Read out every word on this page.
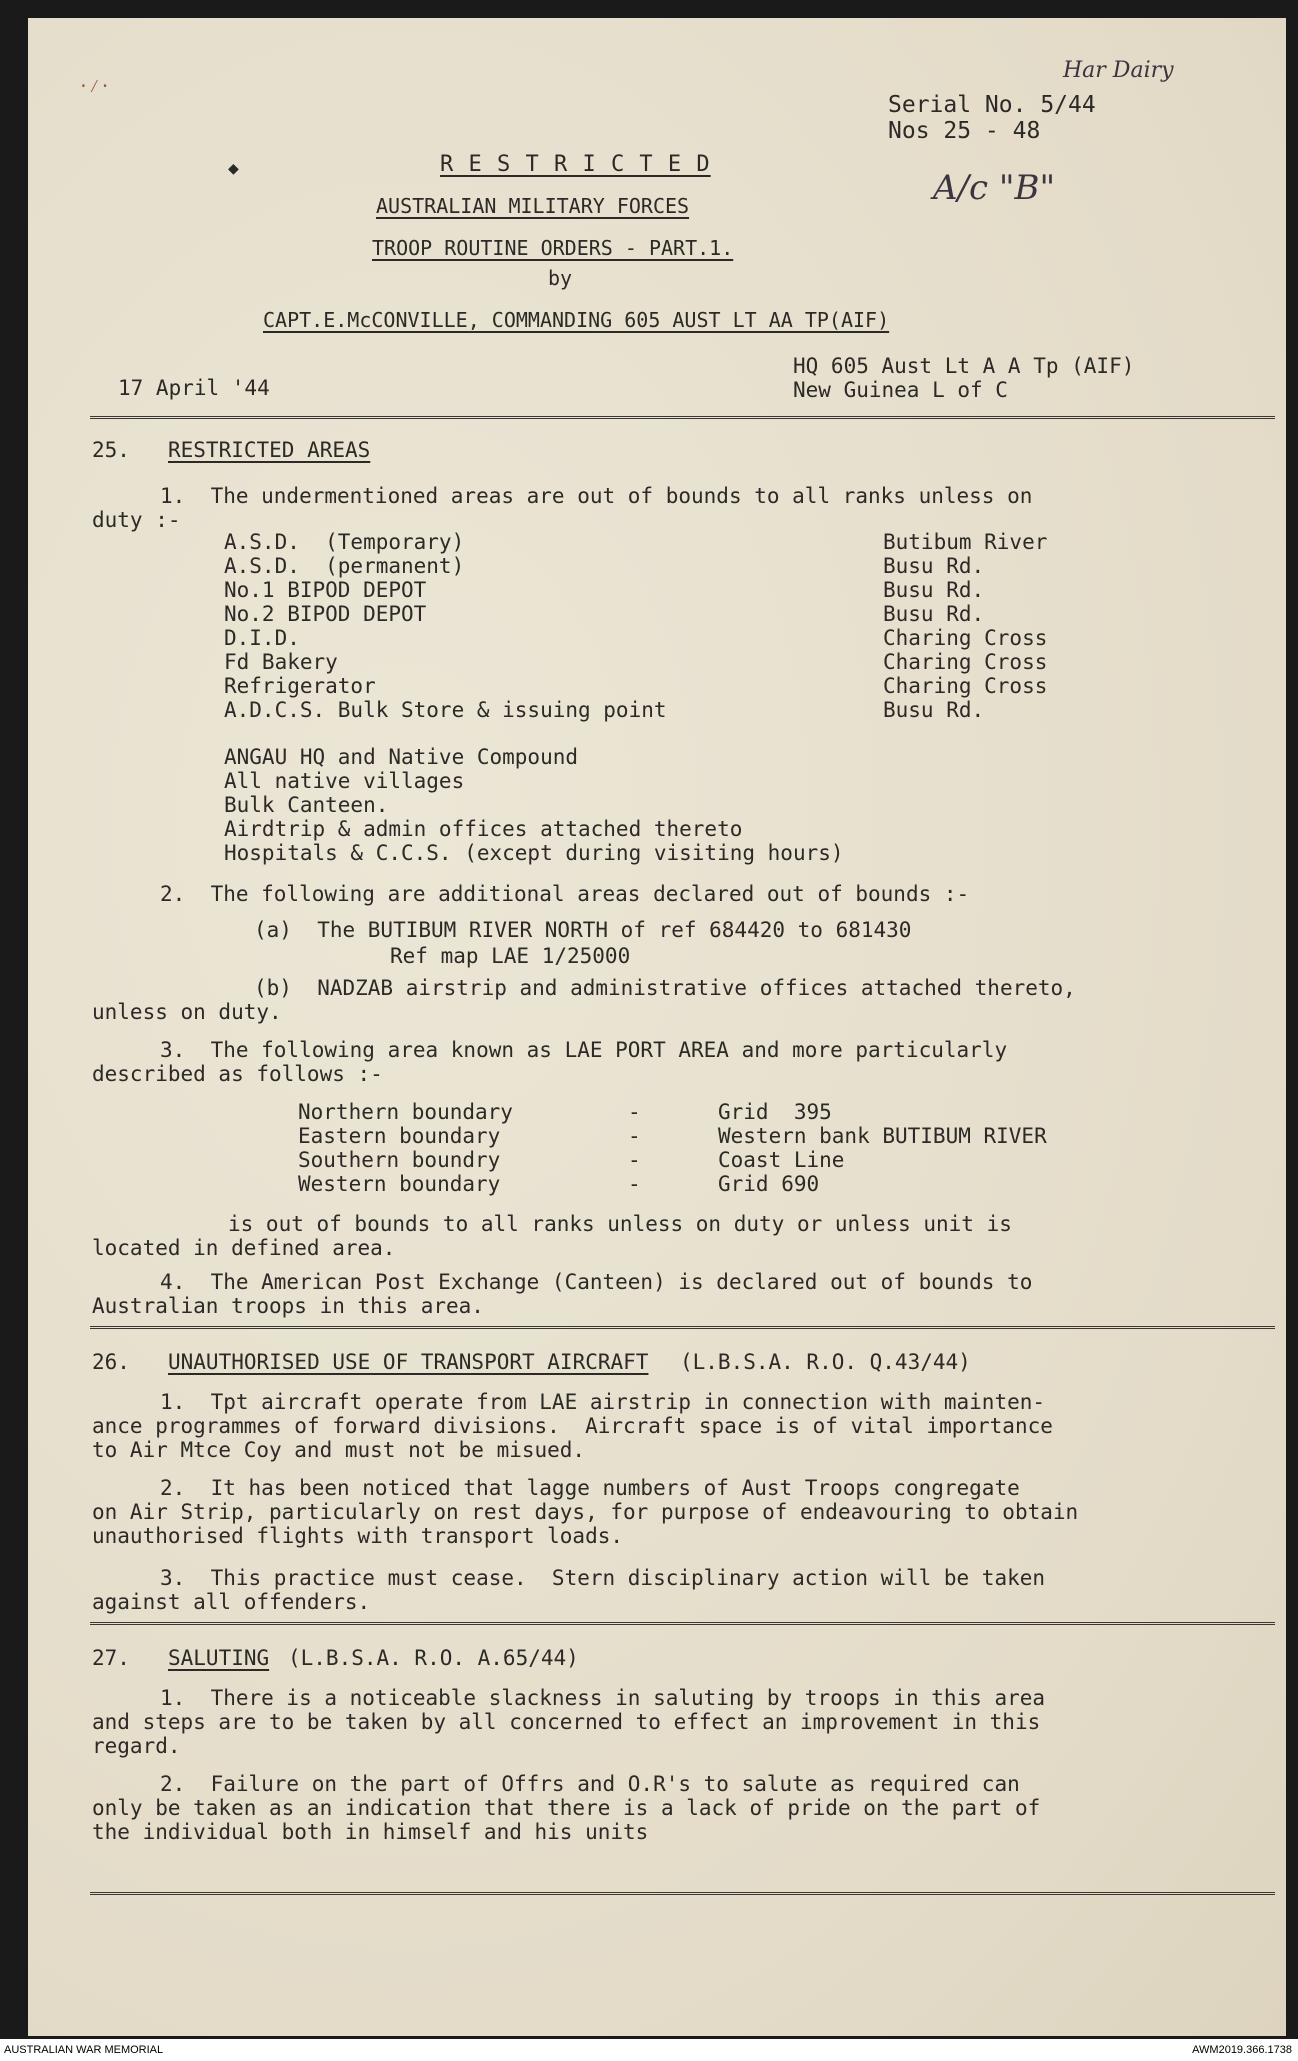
·⁄·
◆
Har Dairy
A/c "B"
Serial No. 5/44
Nos 25 - 48
R E S T R I C T E D
AUSTRALIAN MILITARY FORCES
TROOP ROUTINE ORDERS - PART.1.
by
CAPT.E.McCONVILLE, COMMANDING 605 AUST LT AA TP(AIF)
17 April '44
HQ 605 Aust Lt A A Tp (AIF)
New Guinea L of C
25. RESTRICTED AREAS
1.  The undermentioned areas are out of bounds to all ranks unless on
duty :-
A.S.D.  (Temporary)	Butibum River
A.S.D.  (permanent)	Busu Rd.
No.1 BIPOD DEPOT	Busu Rd.
No.2 BIPOD DEPOT	Busu Rd.
D.I.D.	Charing Cross
Fd Bakery	Charing Cross
Refrigerator	Charing Cross
A.D.C.S. Bulk Store & issuing point	Busu Rd.
ANGAU HQ and Native Compound
All native villages
Bulk Canteen.
Airdtrip & admin offices attached thereto
Hospitals & C.C.S. (except during visiting hours)
2.  The following are additional areas declared out of bounds :-
(a)  The BUTIBUM RIVER NORTH of ref 684420 to 681430
Ref map LAE 1/25000
(b)  NADZAB airstrip and administrative offices attached thereto,
unless on duty.
3.  The following area known as LAE PORT AREA and more particularly
described as follows :-
Northern boundary	-	Grid  395
Eastern boundary	-	Western bank BUTIBUM RIVER
Southern boundry	-	Coast Line
Western boundary	-	Grid 690
is out of bounds to all ranks unless on duty or unless unit is
located in defined area.
4.  The American Post Exchange (Canteen) is declared out of bounds to
Australian troops in this area.
26. UNAUTHORISED USE OF TRANSPORT AIRCRAFT (L.B.S.A. R.O. Q.43/44)
1.  Tpt aircraft operate from LAE airstrip in connection with mainten-
ance programmes of forward divisions.  Aircraft space is of vital importance
to Air Mtce Coy and must not be misued.
2.  It has been noticed that lagge numbers of Aust Troops congregate
on Air Strip, particularly on rest days, for purpose of endeavouring to obtain
unauthorised flights with transport loads.
3.  This practice must cease.  Stern disciplinary action will be taken
against all offenders.
27. SALUTING (L.B.S.A. R.O. A.65/44)
1.  There is a noticeable slackness in saluting by troops in this area
and steps are to be taken by all concerned to effect an improvement in this
regard.
2.  Failure on the part of Offrs and O.R's to salute as required can
only be taken as an indication that there is a lack of pride on the part of
the individual both in himself and his units
AUSTRALIAN WAR MEMORIAL	AWM2019.366.1738
